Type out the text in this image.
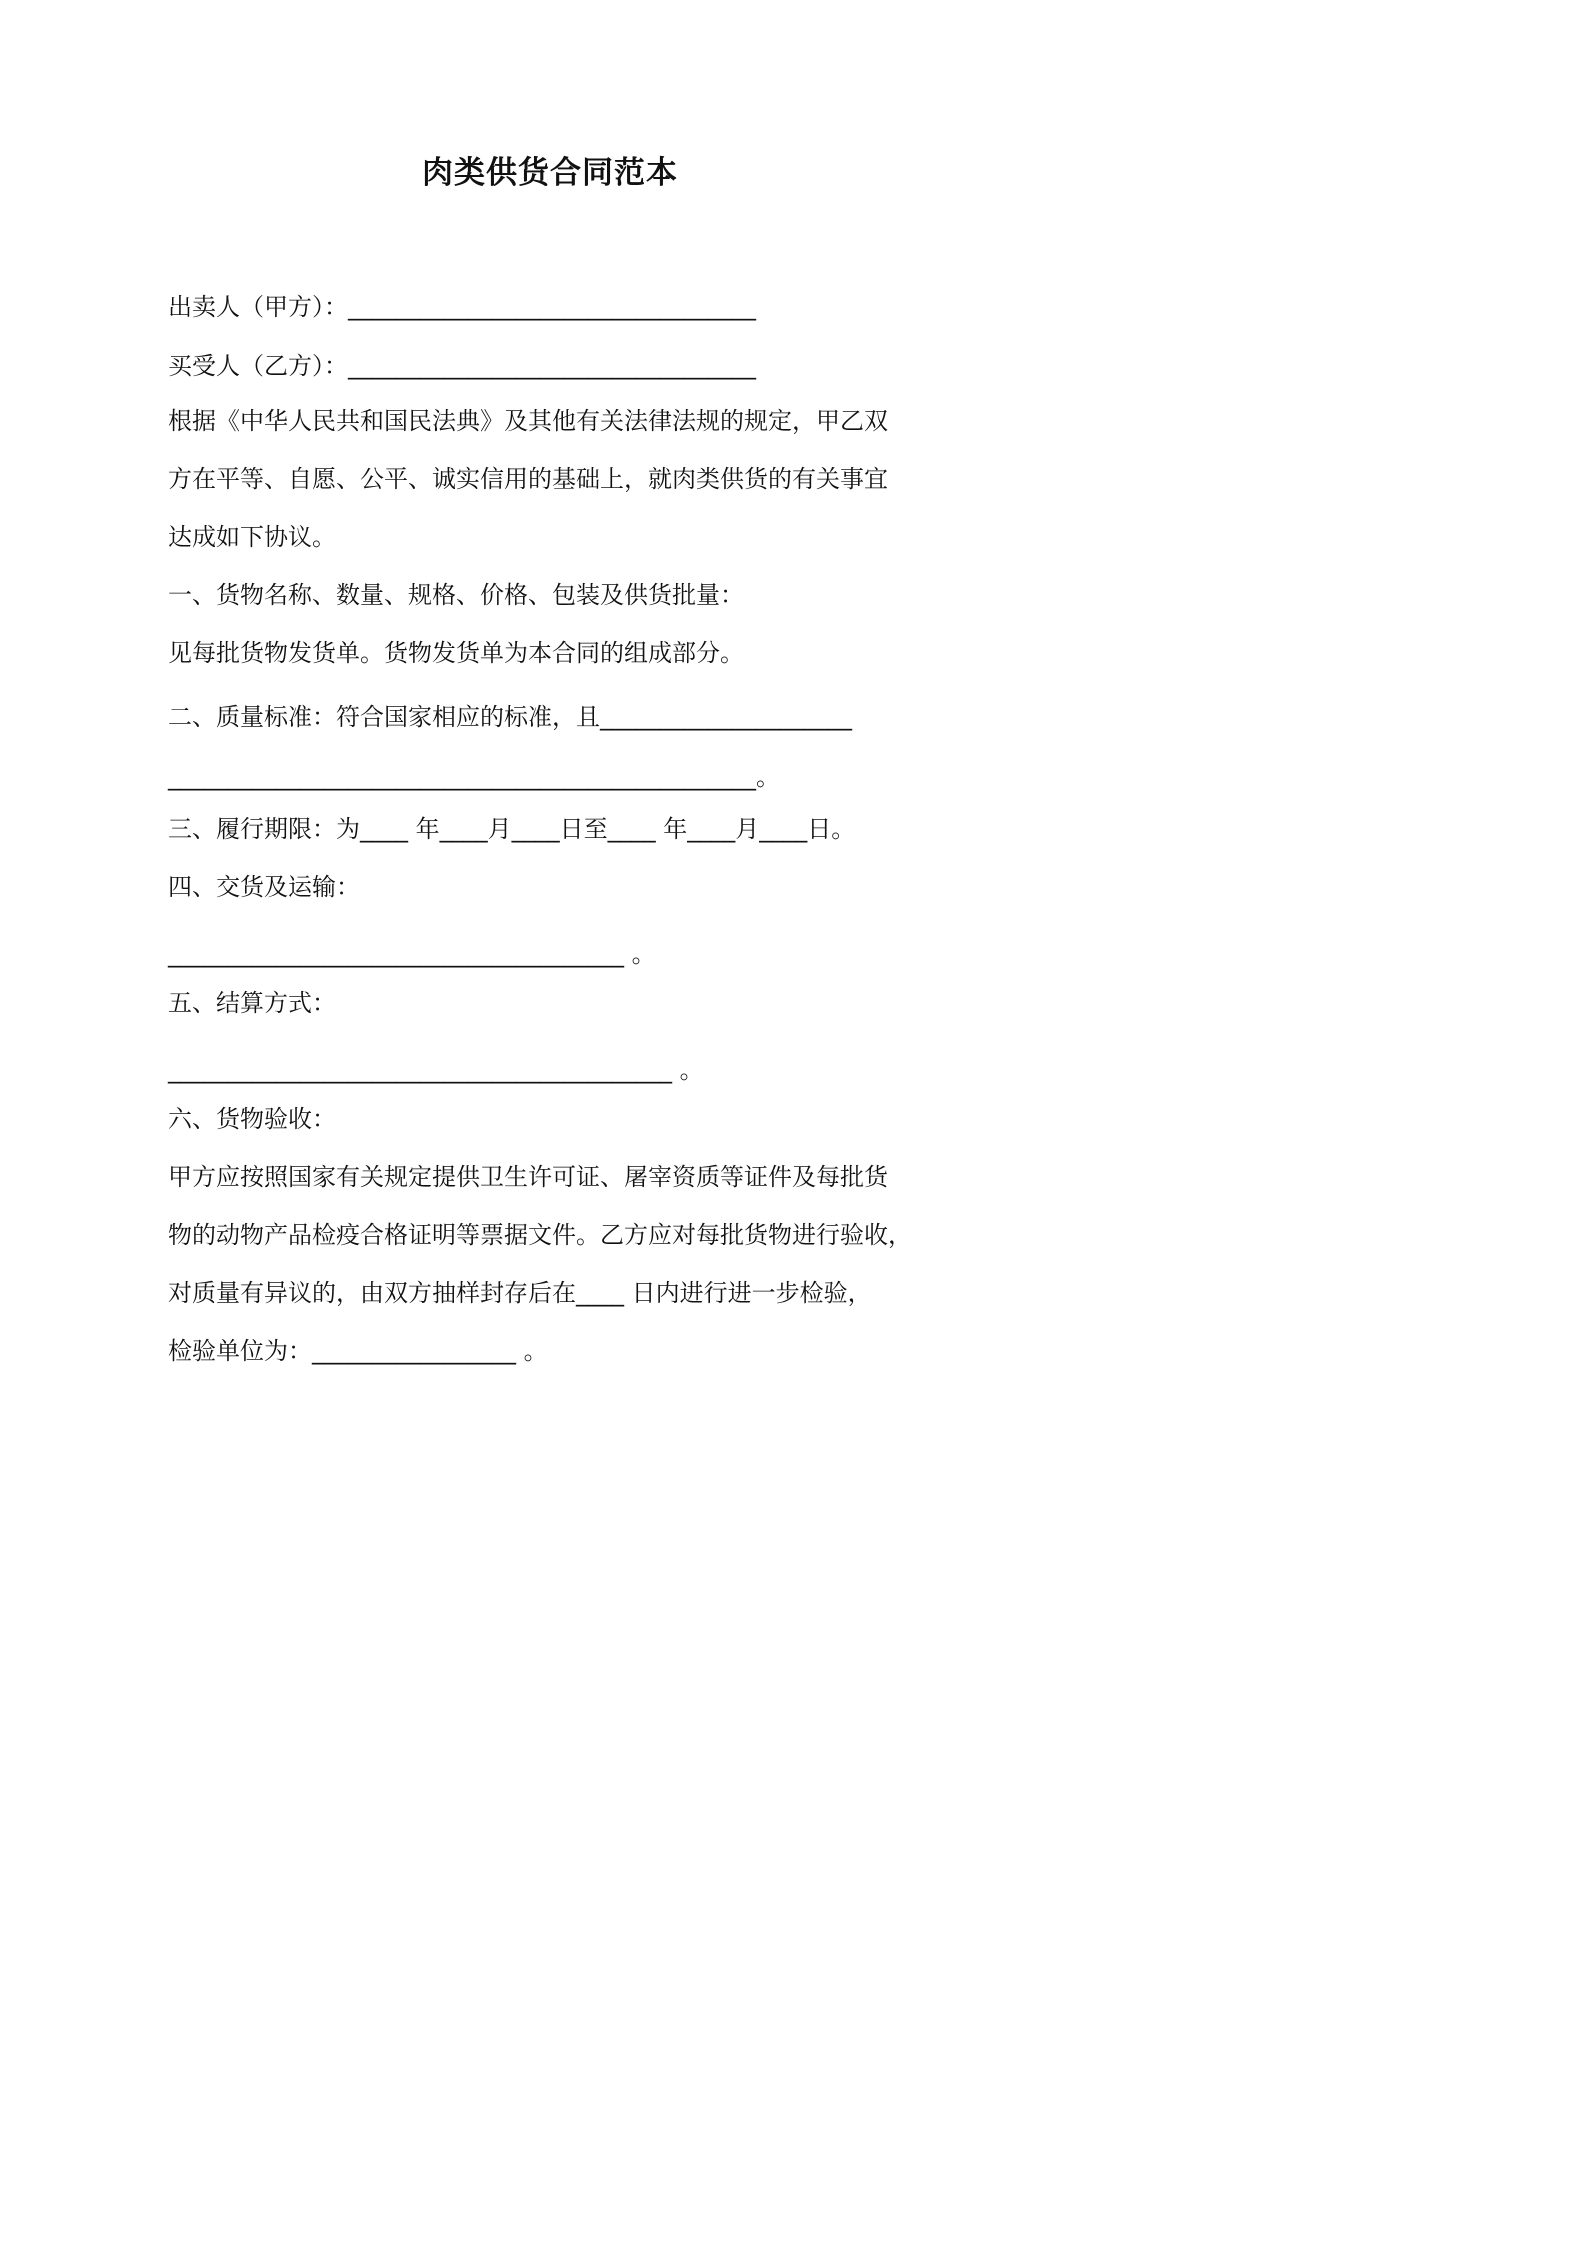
肉类供货合同范本
出卖人（甲方）：__________________________________
买受人（乙方）：__________________________________
根据《中华人民共和国民法典》及其他有关法律法规的规定，甲乙双
方在平等、自愿、公平、诚实信用的基础上，就肉类供货的有关事宜
达成如下协议。
一、货物名称、数量、规格、价格、包装及供货批量：
见每批货物发货单。货物发货单为本合同的组成部分。
二、质量标准：符合国家相应的标准，且_____________________
_________________________________________________。
三、履行期限：为____ 年____月____日至____ 年____月____日。
四、交货及运输：
______________________________________ 。
五、结算方式：
__________________________________________ 。
六、货物验收：
甲方应按照国家有关规定提供卫生许可证、屠宰资质等证件及每批货
物的动物产品检疫合格证明等票据文件。乙方应对每批货物进行验收，
对质量有异议的，由双方抽样封存后在____ 日内进行进一步检验，
检验单位为：_________________ 。
